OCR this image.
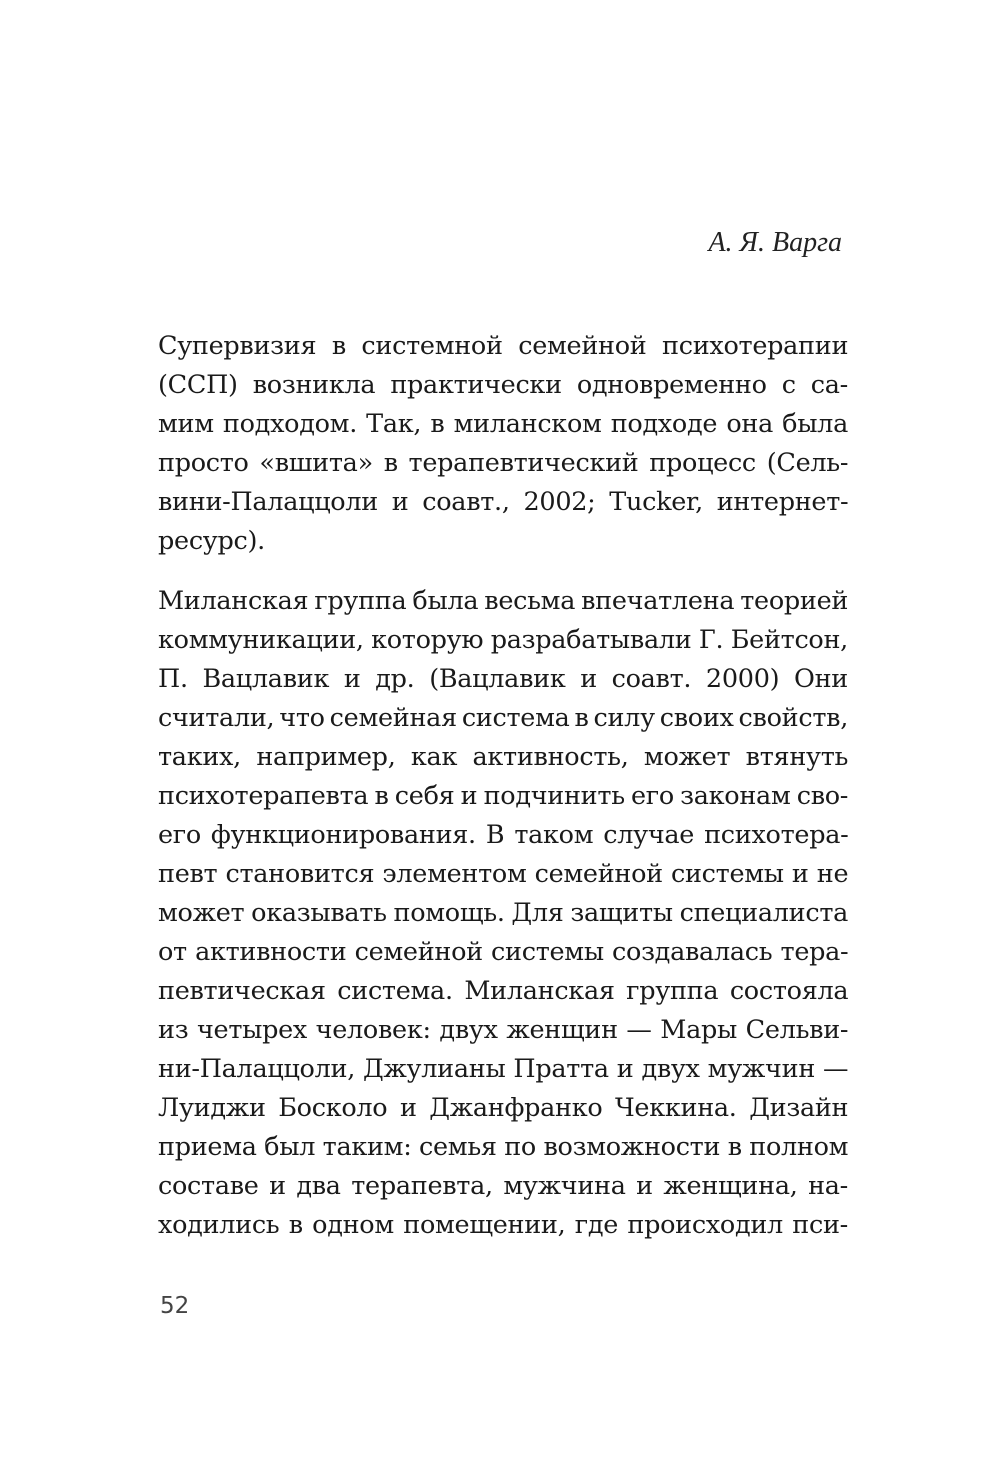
А. Я. Варга
Супервизия в системной семейной психотерапии
(ССП) возникла практически одновременно с са-
мим подходом. Так, в миланском подходе она была
просто «вшита» в терапевтический процесс (Сель-
вини-Палаццоли и соавт., 2002; Tucker, интернет-
ресурс).
Миланская группа была весьма впечатлена теорией
коммуникации, которую разрабатывали Г. Бейтсон,
П. Вацлавик и др. (Вацлавик и соавт. 2000) Они
считали, что семейная система в силу своих свойств,
таких, например, как активность, может втянуть
психотерапевта в себя и подчинить его законам сво-
его функционирования. В таком случае психотера-
певт становится элементом семейной системы и не
может оказывать помощь. Для защиты специалиста
от активности семейной системы создавалась тера-
певтическая система. Миланская группа состояла
из четырех человек: двух женщин — Мары Сельви-
ни-Палаццоли, Джулианы Пратта и двух мужчин —
Луиджи Босколо и Джанфранко Чеккина. Дизайн
приема был таким: семья по возможности в полном
составе и два терапевта, мужчина и женщина, на-
ходились в одном помещении, где происходил пси-
52
